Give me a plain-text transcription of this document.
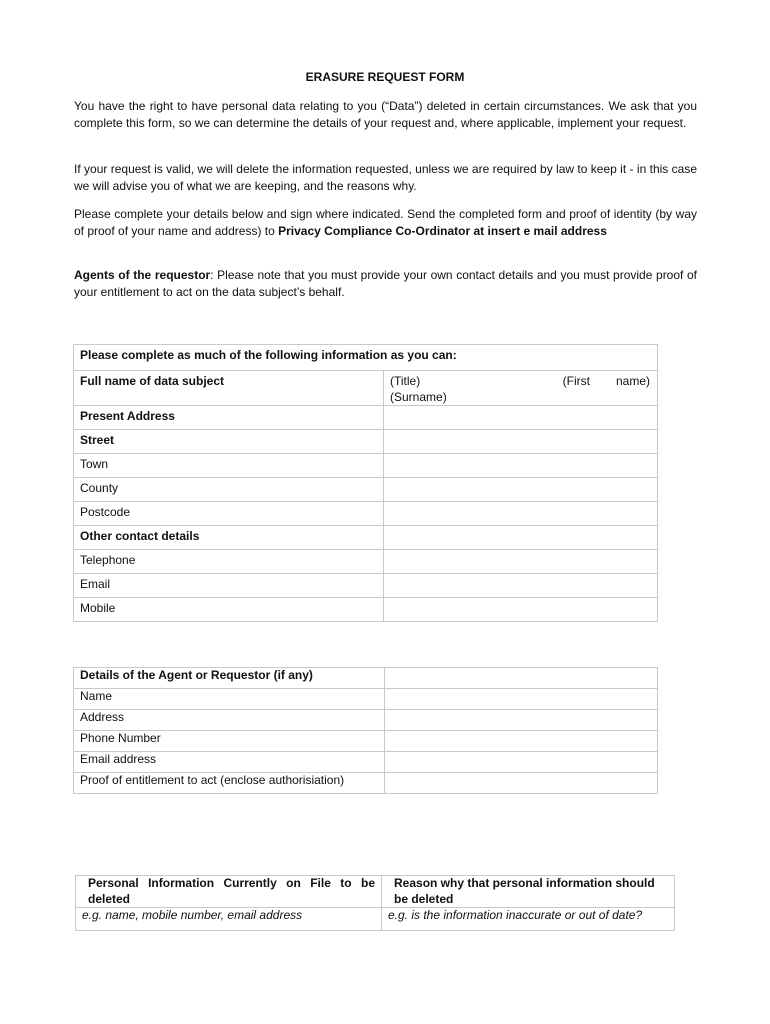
ERASURE REQUEST FORM

You have the right to have personal data relating to you (“Data”) deleted in certain circumstances. We ask that you complete this form, so we can determine the details of your request and, where applicable, implement your request.

If your request is valid, we will delete the information requested, unless we are required by law to keep it - in this case we will advise you of what we are keeping, and the reasons why.

Please complete your details below and sign where indicated. Send the completed form and proof of identity (by way of proof of your name and address) to Privacy Compliance Co-Ordinator at insert e mail address

Agents of the requestor: Please note that you must provide your own contact details and you must provide proof of your entitlement to act on the data subject’s behalf.

Please complete as much of the following information as you can:	
Full name of data subject	(Title) (First name)
(Surname)

Present Address	
Street	
Town	
County	
Postcode	
Other contact details	
Telephone	
Email	
Mobile	
Details of the Agent or Requestor (if any)	
Name	
Address	
Phone Number	
Email address	
Proof of entitlement to act (enclose authorisiation)	
Personal Information Currently on File to be deleted	Reason why that personal information should be deleted
e.g. name, mobile number, email address	e.g. is the information inaccurate or out of date?
